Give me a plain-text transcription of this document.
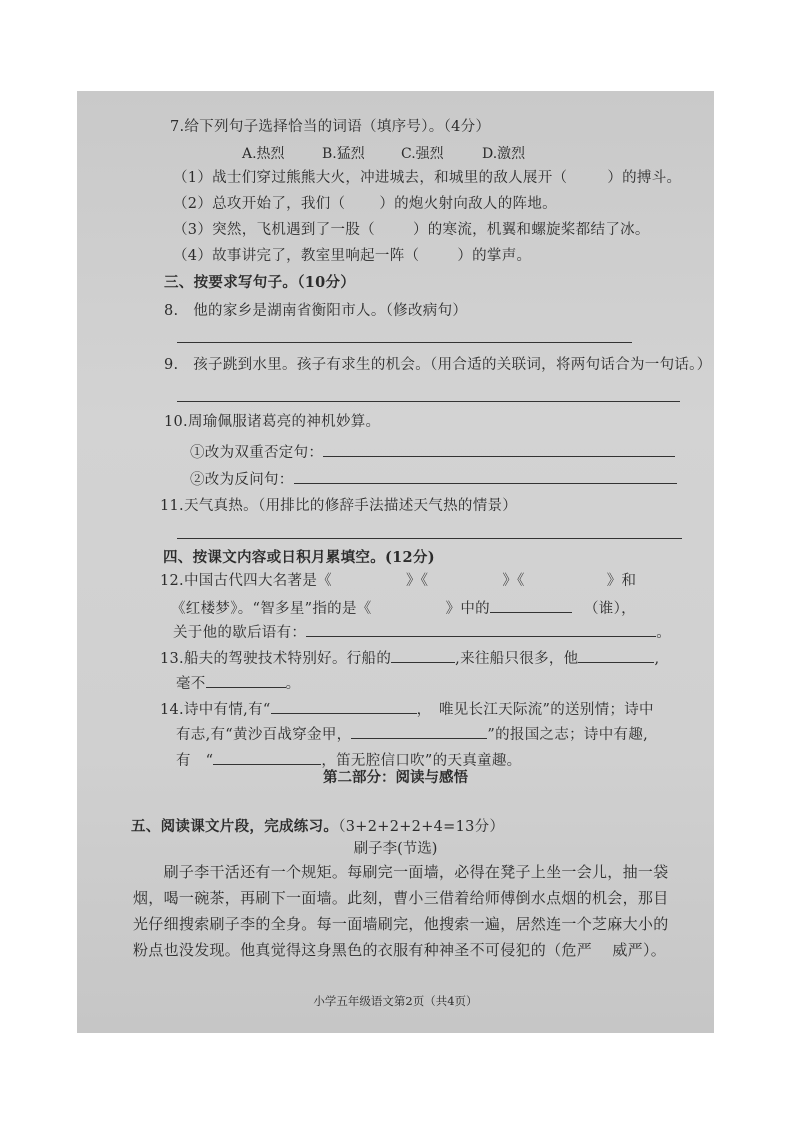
7.给下列句子选择恰当的词语（填序号）。（4分）
A.热烈	B.猛烈	C.强烈	D.激烈
（1）战士们穿过熊熊大火，冲进城去，和城里的敌人展开（	）的搏斗。
（2）总攻开始了，我们（ ）的炮火射向敌人的阵地。
（3）突然，飞机遇到了一股（	）的寒流，机翼和螺旋桨都结了冰。
（4）故事讲完了，教室里响起一阵（	）的掌声。
三、按要求写句子。（10分）
8.　他的家乡是湖南省衡阳市人。（修改病句）
9.　孩子跳到水里。孩子有求生的机会。（用合适的关联词，将两句话合为一句话。）
10.周瑜佩服诸葛亮的神机妙算。
①改为双重否定句：
②改为反问句：
11.天气真热。（用排比的修辞手法描述天气热的情景）
四、按课文内容或日积月累填空。(12分)
12.中国古代四大名著是《	》《	》《	》和
《红楼梦》。“智多星”指的是《	》中的	（谁），
关于他的歇后语有：	。
13.船夫的驾驶技术特别好。行船的	,来往船只很多，他	,
毫不	。
14.诗中有情,有“	，　唯见长江天际流”的送别情；诗中
有志,有“黄沙百战穿金甲，	”的报国之志；诗中有趣,
有　“	，笛无腔信口吹”的天真童趣。
第二部分：阅读与感悟
五、阅读课文片段，完成练习。（3+2+2+2+4=13分）
刷子李(节选)
　　刷子李干活还有一个规矩。每刷完一面墙，必得在凳子上坐一会儿，抽一袋
烟，喝一碗茶，再刷下一面墙。此刻，曹小三借着给师傅倒水点烟的机会，那目
光仔细搜索刷子李的全身。每一面墙刷完，他搜索一遍，居然连一个芝麻大小的
粉点也没发现。他真觉得这身黑色的衣服有种神圣不可侵犯的（危严　 威严）。
小学五年级语文第2页（共4页）
